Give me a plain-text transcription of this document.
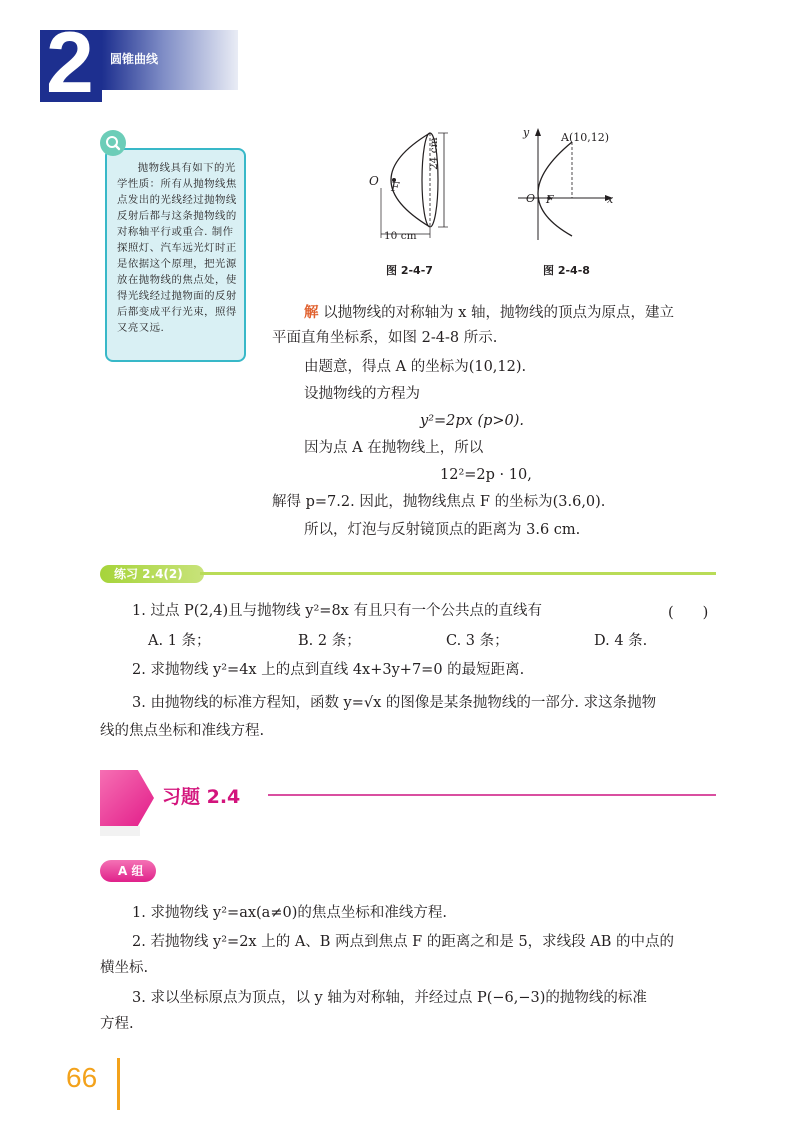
2 圆锥曲线
抛物线具有如下的光学性质：所有从抛物线焦点发出的光线经过抛物线反射后都与这条抛物线的对称轴平行或重合. 制作探照灯、汽车远光灯时正是依据这个原理，把光源放在抛物线的焦点处，使得光线经过抛物面的反射后都变成平行光束，照得又亮又远.
O F
24 cm
10 cm
图 2-4-7
y
x
O F
A(10,12)
图 2-4-8
解 以抛物线的对称轴为 x 轴，抛物线的顶点为原点，建立
平面直角坐标系，如图 2-4-8 所示.
由题意，得点 A 的坐标为(10,12).
设抛物线的方程为
y²=2px (p>0).
因为点 A 在抛物线上，所以
12²=2p · 10,
解得 p=7.2. 因此，抛物线焦点 F 的坐标为(3.6,0).
所以，灯泡与反射镜顶点的距离为 3.6 cm.
练习 2.4(2)
1. 过点 P(2,4)且与抛物线 y²=8x 有且只有一个公共点的直线有	(　　)
A. 1 条；	B. 2 条；	C. 3 条；	D. 4 条.
2. 求抛物线 y²=4x 上的点到直线 4x+3y+7=0 的最短距离.
3. 由抛物线的标准方程知，函数 y=√x 的图像是某条抛物线的一部分. 求这条抛物
线的焦点坐标和准线方程.
习题 2.4
A 组
1. 求抛物线 y²=ax(a≠0)的焦点坐标和准线方程.
2. 若抛物线 y²=2x 上的 A、B 两点到焦点 F 的距离之和是 5，求线段 AB 的中点的
横坐标.
3. 求以坐标原点为顶点，以 y 轴为对称轴，并经过点 P(−6,−3)的抛物线的标准
方程.
66
